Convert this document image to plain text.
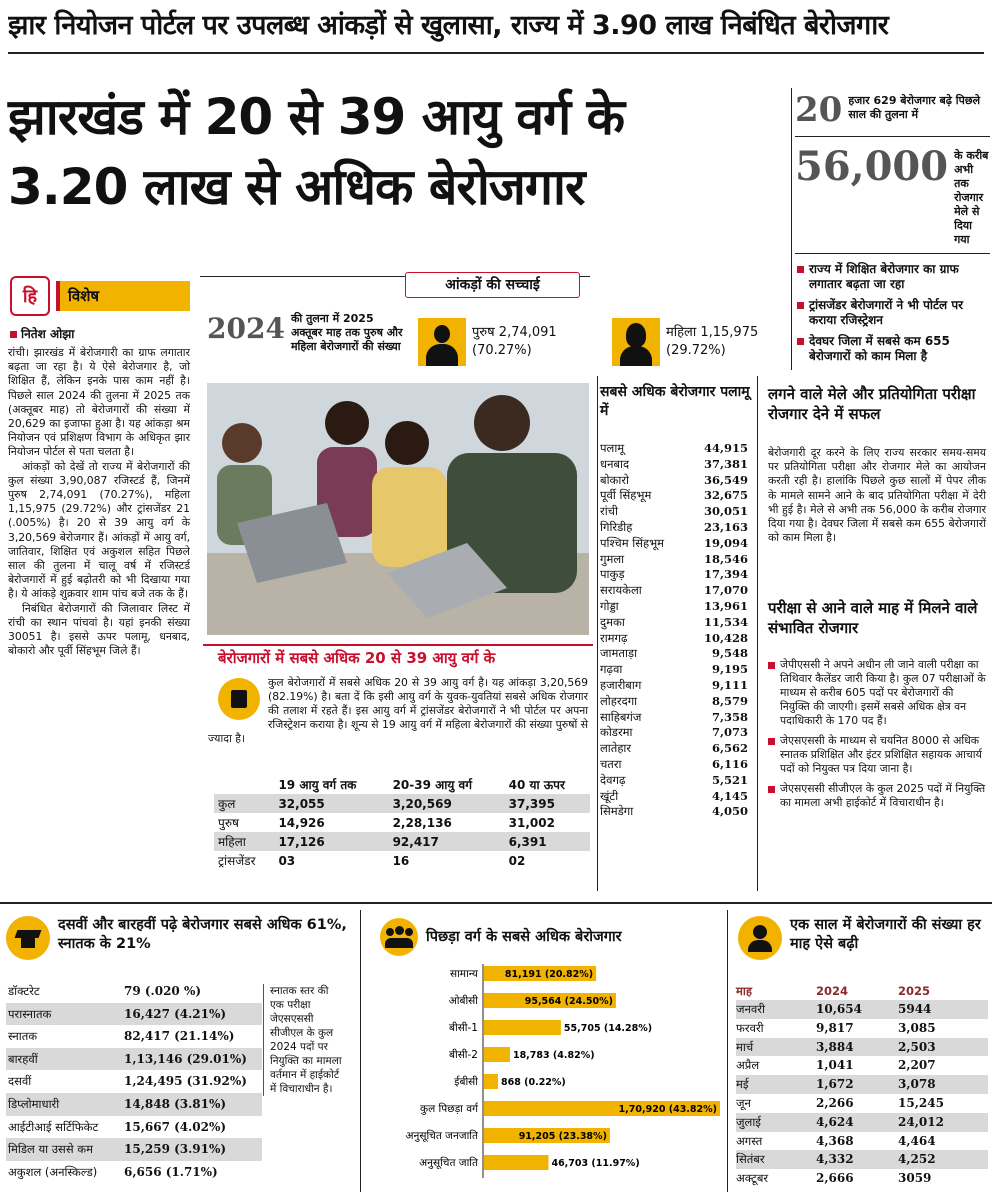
झार नियोजन पोर्टल पर उपलब्ध आंकड़ों से खुलासा, राज्य में 3.90 लाख निबंधित बेरोजगार
झारखंड में 20 से 39 आयु वर्ग के
3.20 लाख से अधिक बेरोजगार
20 हजार 629 बेरोजगार बढ़े पिछले साल की तुलना में
56,000 के करीब अभी तक रोजगार मेले से दिया गया
राज्य में शिक्षित बेरोजगार का ग्राफ लगातार बढ़ता जा रहा
ट्रांसजेंडर बेरोजगारों ने भी पोर्टल पर कराया रजिस्ट्रेशन
देवघर जिला में सबसे कम 655 बेरोजगारों को काम मिला है
हि	विशेष
नितेश ओझा

रांची। झारखंड में बेरोजगारी का ग्राफ लगातार बढ़ता जा रहा है। ये ऐसे बेरोजगार है, जो शिक्षित हैं, लेकिन इनके पास काम नहीं है। पिछले साल 2024 की तुलना में 2025 तक (अक्तूबर माह) तो बेरोजगारों की संख्या में 20,629 का इजाफा हुआ है। यह आंकड़ा श्रम नियोजन एवं प्रशिक्षण विभाग के अधिकृत झार नियोजन पोर्टल से पता चलता है।

आंकड़ों को देखें तो राज्य में बेरोजगारों की कुल संख्या 3,90,087 रजिस्टर्ड हैं, जिनमें पुरुष 2,74,091 (70.27%), महिला 1,15,975 (29.72%) और ट्रांसजेंडर 21 (.005%) है। 20 से 39 आयु वर्ग के 3,20,569 बेरोजगार हैं। आंकड़ों में आयु वर्ग, जातिवार, शिक्षित एवं अकुशल सहित पिछले साल की तुलना में चालू वर्ष में रजिस्टर्ड बेरोजगारों में हुई बढ़ोतरी को भी दिखाया गया है। ये आंकड़े शुक्रवार शाम पांच बजे तक के हैं।

निबंधित बेरोजगारों की जिलावार लिस्ट में रांची का स्थान पांचवां है। यहां इनकी संख्या 30051 है। इससे ऊपर पलामू, धनबाद, बोकारो और पूर्वी सिंहभूम जिले हैं।

आंकड़ों की सच्चाई
2024 की तुलना में 2025 अक्तूबर माह तक पुरुष और महिला बेरोजगारों की संख्या
पुरुष 2,74,091
(70.27%)
महिला 1,15,975
(29.72%)
बेरोजगारों में सबसे अधिक 20 से 39 आयु वर्ग के

कुल बेरोजगारों में सबसे अधिक 20 से 39 आयु वर्ग है। यह आंकड़ा 3,20,569 (82.19%) है। बता दें कि इसी आयु वर्ग के युवक-युवतियां सबसे अधिक रोजगार की तलाश में रहते हैं। इस आयु वर्ग में ट्रांसजेंडर बेरोजगारों ने भी पोर्टल पर अपना रजिस्ट्रेशन कराया है। शून्य से 19 आयु वर्ग में महिला बेरोजगारों की संख्या पुरुषों से ज्यादा है।

	19 आयु वर्ग तक	20-39 आयु वर्ग	40 या ऊपर
कुल	32,055	3,20,569	37,395
पुरुष	14,926	2,28,136	31,002
महिला	17,126	92,417	6,391
ट्रांसजेंडर	03	16	02
सबसे अधिक बेरोजगार पलामू में
पलामू	44,915
धनबाद	37,381
बोकारो	36,549
पूर्वी सिंहभूम	32,675
रांची	30,051
गिरिडीह	23,163
पश्चिम सिंहभूम	19,094
गुमला	18,546
पाकुड़	17,394
सरायकेला	17,070
गोड्डा	13,961
दुमका	11,534
रामगढ़	10,428
जामताड़ा	9,548
गढ़वा	9,195
हजारीबाग	9,111
लोहरदगा	8,579
साहिबगंज	7,358
कोडरमा	7,073
लातेहार	6,562
चतरा	6,116
देवगढ़	5,521
खूंटी	4,145
सिमडेगा	4,050
लगने वाले मेले और प्रतियोगिता परीक्षा रोजगार देने में सफल
बेरोजगारी दूर करने के लिए राज्य सरकार समय-समय पर प्रतियोगिता परीक्षा और रोजगार मेले का आयोजन करती रही है। हालांकि पिछले कुछ सालों में पेपर लीक के मामले सामने आने के बाद प्रतियोगिता परीक्षा में देरी भी हुई है। मेले से अभी तक 56,000 के करीब रोजगार दिया गया है। देवघर जिला में सबसे कम 655 बेरोजगारों को काम मिला है।
परीक्षा से आने वाले माह में मिलने वाले संभावित रोजगार
जेपीएससी ने अपने अधीन ली जाने वाली परीक्षा का तिथिवार कैलेंडर जारी किया है। कुल 07 परीक्षाओं के माध्यम से करीब 605 पदों पर बेरोजगारों की नियुक्ति की जाएगी। इसमें सबसे अधिक क्षेत्र वन पदाधिकारी के 170 पद हैं।
जेएसएससी के माध्यम से चयनित 8000 से अधिक स्नातक प्रशिक्षित और इंटर प्रशिक्षित सहायक आचार्य पदों को नियुक्त पत्र दिया जाना है।
जेएसएससी सीजीएल के कुल 2025 पदों में नियुक्ति का मामला अभी हाईकोर्ट में विचाराधीन है।
दसवीं और बारहवीं पढ़े बेरोजगार सबसे अधिक 61%, स्नातक के 21%
डॉक्टरेट	79 (.020 %)
परास्नातक	16,427 (4.21%)
स्नातक	82,417 (21.14%)
बारहवीं	1,13,146 (29.01%)
दसवीं	1,24,495 (31.92%)
डिप्लोमाधारी	14,848 (3.81%)
आईटीआई सर्टिफिकेट	15,667 (4.02%)
मिडिल या उससे कम	15,259 (3.91%)
अकुशल (अनस्किल्ड)	6,656 (1.71%)
स्नातक स्तर की एक परीक्षा जेएसएससी सीजीएल के कुल 2024 पदों पर नियुक्ति का मामला वर्तमान में हाईकोर्ट में विचाराधीन है।
पिछड़ा वर्ग के सबसे अधिक बेरोजगार
सामान्य	81,191 (20.82%)
ओबीसी	95,564 (24.50%)
बीसी-1	55,705 (14.28%)
बीसी-2	18,783 (4.82%)
ईबीसी 868 (0.22%)
कुल पिछड़ा वर्ग	1,70,920 (43.82%)
अनुसूचित जनजाति	91,205 (23.38%)
अनुसूचित जाति	46,703 (11.97%)
एक साल में बेरोजगारों की संख्या हर माह ऐसे बढ़ी
माह	2024	2025
जनवरी	10,654	5944
फरवरी	9,817	3,085
मार्च	3,884	2,503
अप्रैल	1,041	2,207
मई	1,672	3,078
जून	2,266	15,245
जुलाई	4,624	24,012
अगस्त	4,368	4,464
सितंबर	4,332	4,252
अक्टूबर	2,666	3059
